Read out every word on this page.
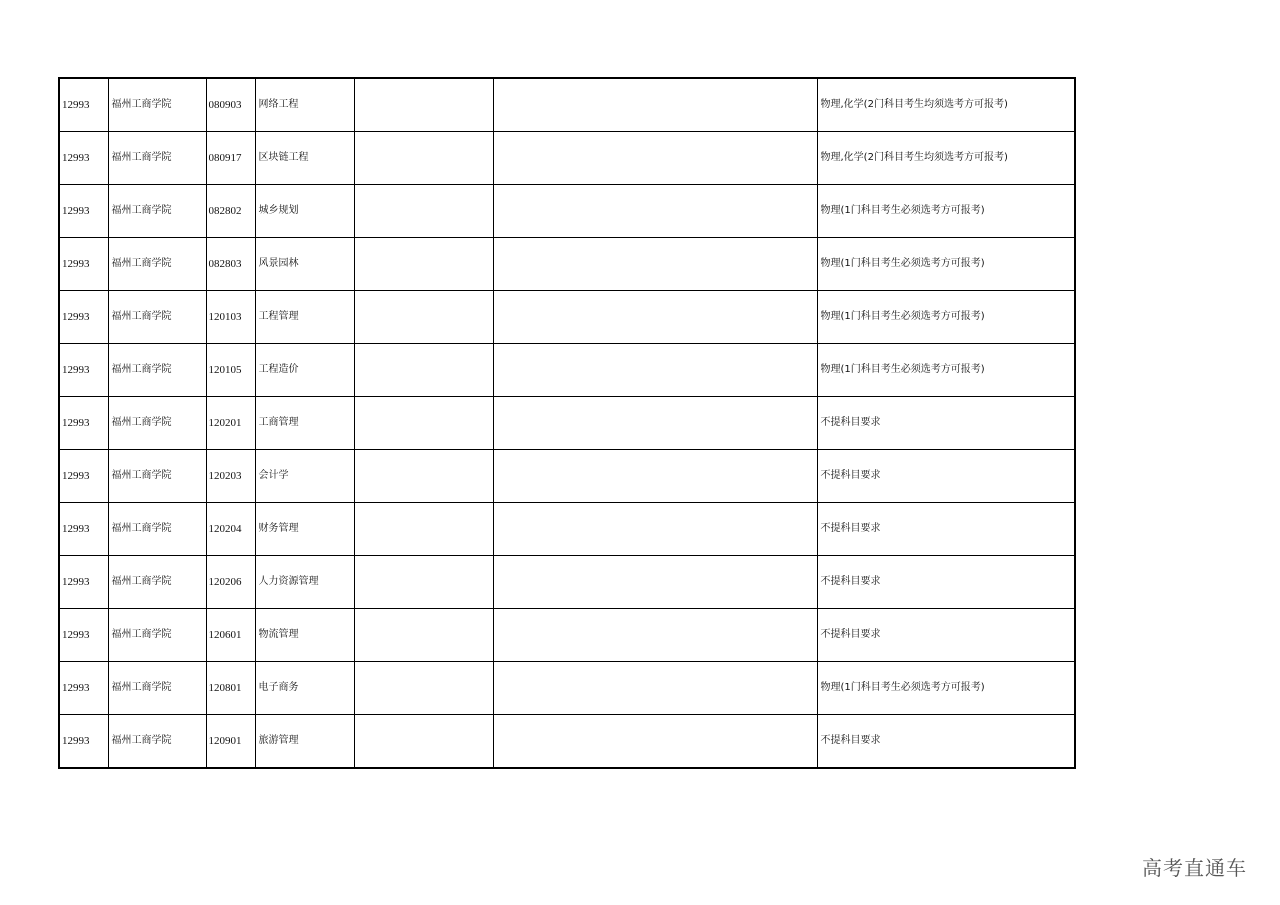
12993	福州工商学院	080903	网络工程			物理,化学(2门科目考生均须选考方可报考)
12993	福州工商学院	080917	区块链工程			物理,化学(2门科目考生均须选考方可报考)
12993	福州工商学院	082802	城乡规划			物理(1门科目考生必须选考方可报考)
12993	福州工商学院	082803	风景园林			物理(1门科目考生必须选考方可报考)
12993	福州工商学院	120103	工程管理			物理(1门科目考生必须选考方可报考)
12993	福州工商学院	120105	工程造价			物理(1门科目考生必须选考方可报考)
12993	福州工商学院	120201	工商管理			不提科目要求
12993	福州工商学院	120203	会计学			不提科目要求
12993	福州工商学院	120204	财务管理			不提科目要求
12993	福州工商学院	120206	人力资源管理			不提科目要求
12993	福州工商学院	120601	物流管理			不提科目要求
12993	福州工商学院	120801	电子商务			物理(1门科目考生必须选考方可报考)
12993	福州工商学院	120901	旅游管理			不提科目要求
高考直通车
